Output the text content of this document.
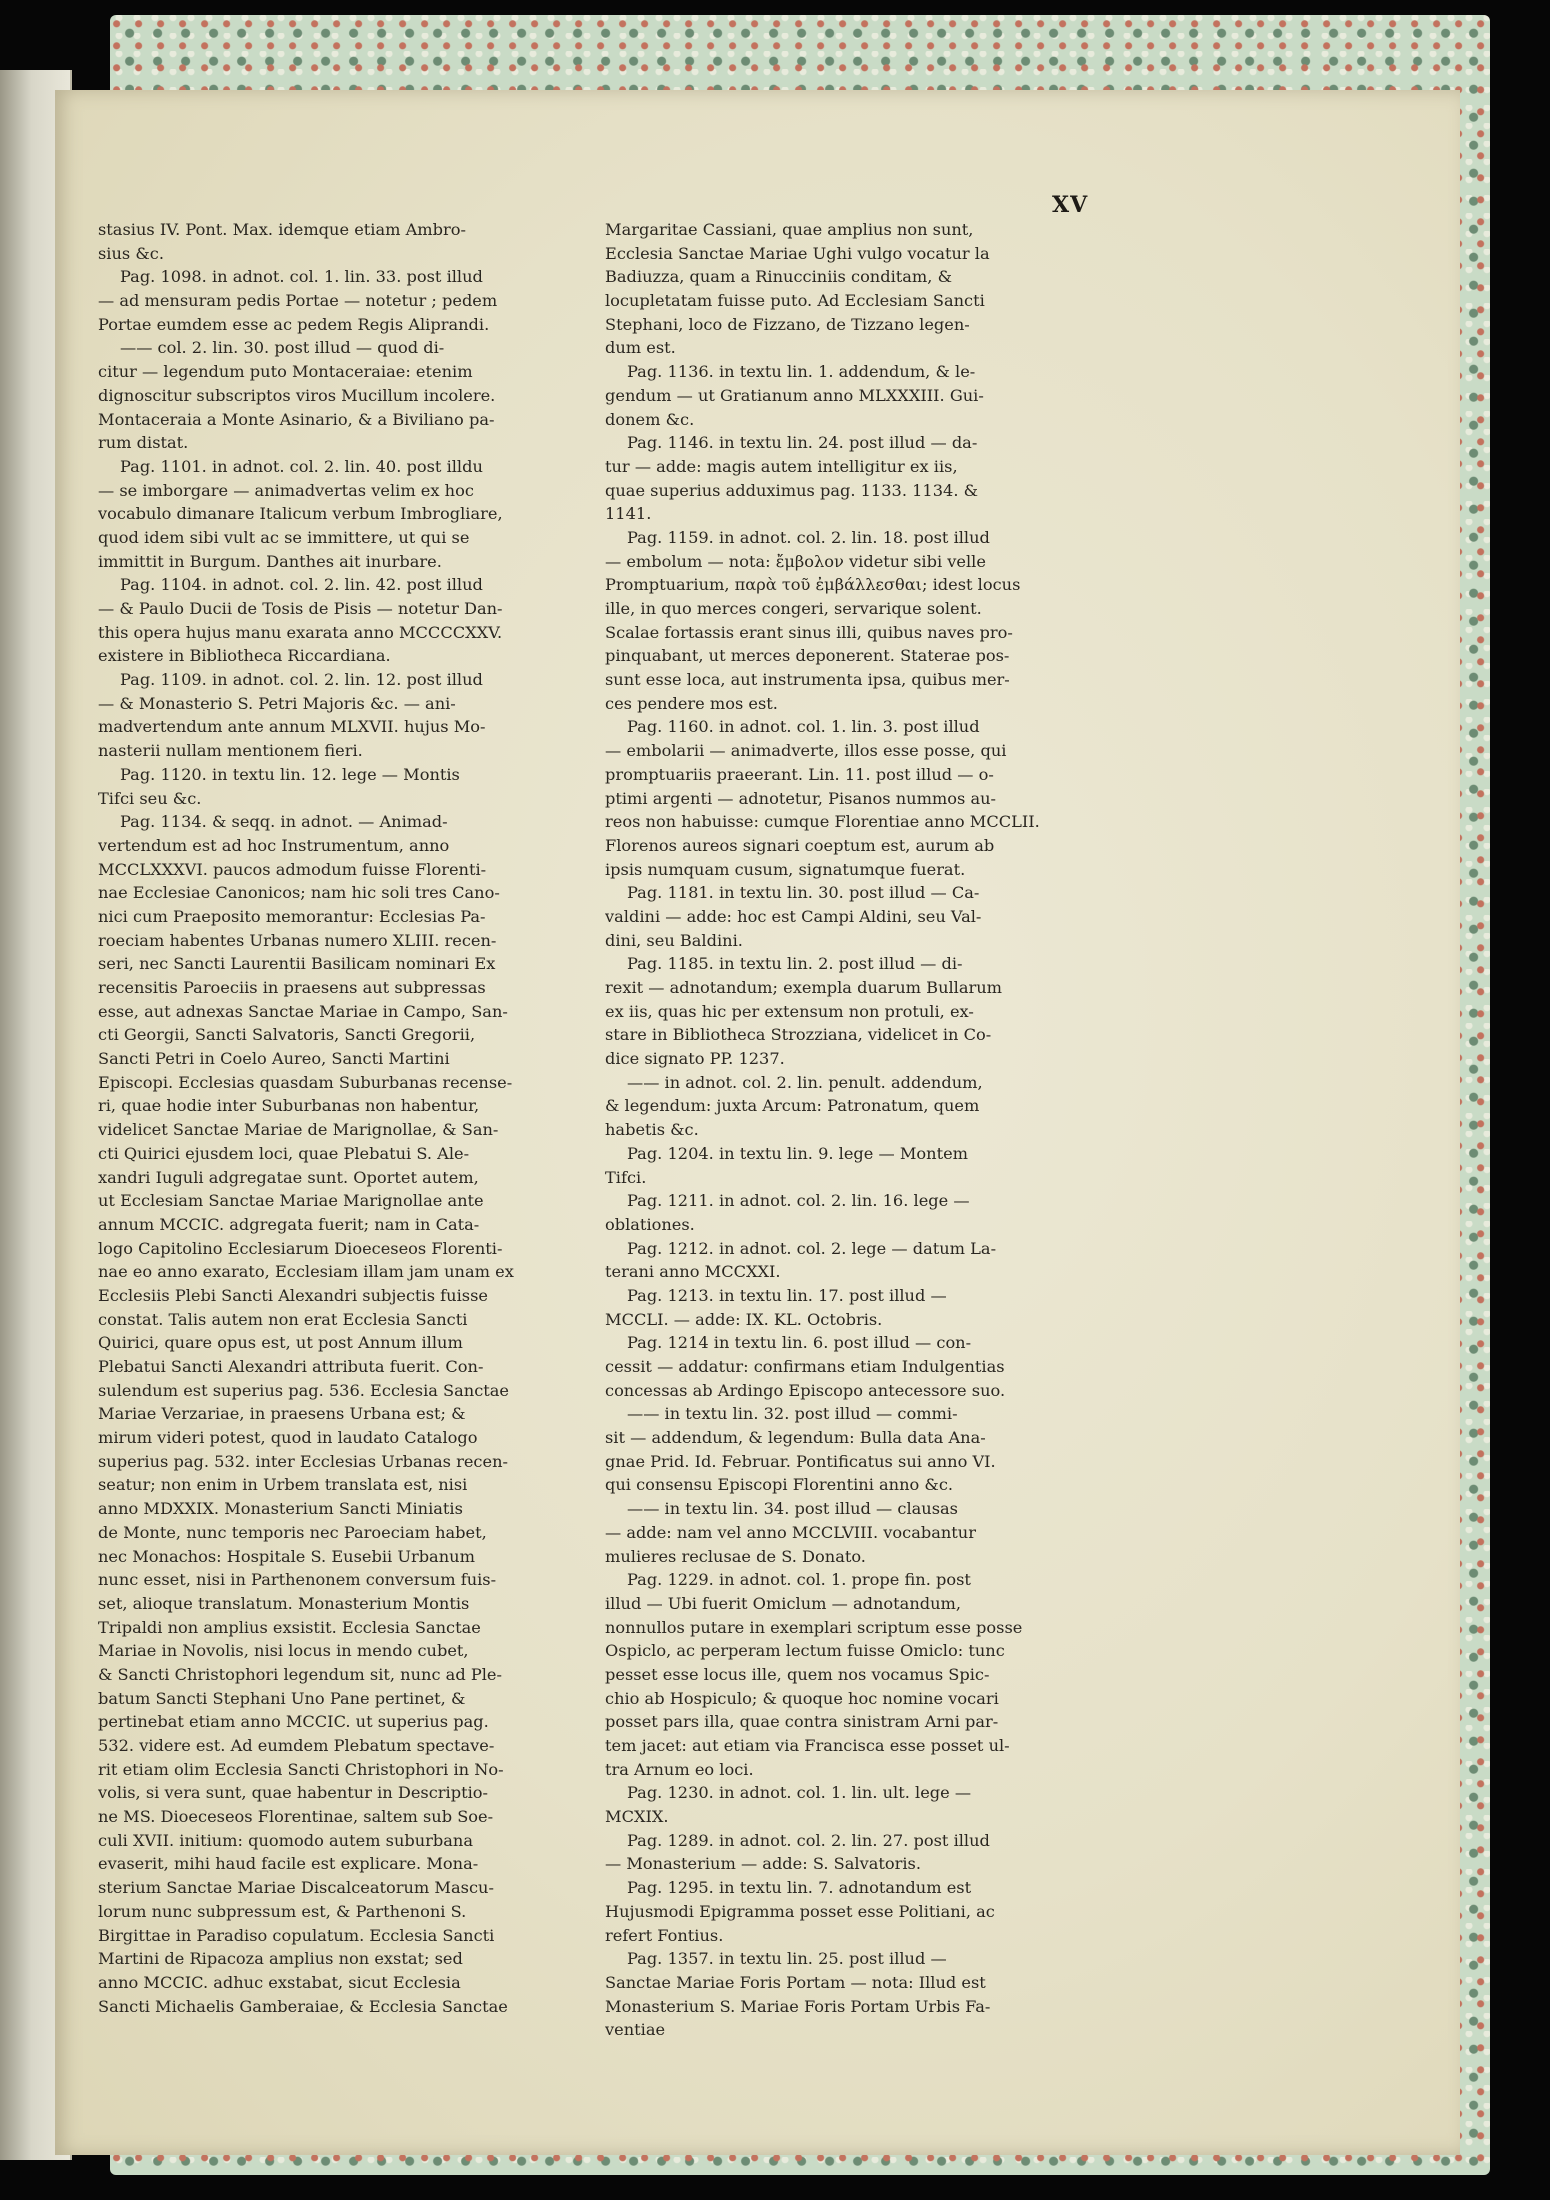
XV
stasius IV. Pont. Max. idemque etiam Ambro-
sius &c.
Pag. 1098. in adnot. col. 1. lin. 33. post illud
— ad mensuram pedis Portae — notetur ; pedem
Portae eumdem esse ac pedem Regis Aliprandi.
—— col. 2. lin. 30. post illud — quod di-
citur — legendum puto Montaceraiae: etenim
dignoscitur subscriptos viros Mucillum incolere.
Montaceraia a Monte Asinario, & a Biviliano pa-
rum distat.
Pag. 1101. in adnot. col. 2. lin. 40. post illdu
— se imborgare — animadvertas velim ex hoc
vocabulo dimanare Italicum verbum Imbrogliare,
quod idem sibi vult ac se immittere, ut qui se
immittit in Burgum. Danthes ait inurbare.
Pag. 1104. in adnot. col. 2. lin. 42. post illud
— & Paulo Ducii de Tosis de Pisis — notetur Dan-
this opera hujus manu exarata anno MCCCCXXV.
existere in Bibliotheca Riccardiana.
Pag. 1109. in adnot. col. 2. lin. 12. post illud
— & Monasterio S. Petri Majoris &c. — ani-
madvertendum ante annum MLXVII. hujus Mo-
nasterii nullam mentionem fieri.
Pag. 1120. in textu lin. 12. lege — Montis
Tifci seu &c.
Pag. 1134. & seqq. in adnot. — Animad-
vertendum est ad hoc Instrumentum, anno
MCCLXXXVI. paucos admodum fuisse Florenti-
nae Ecclesiae Canonicos; nam hic soli tres Cano-
nici cum Praeposito memorantur: Ecclesias Pa-
roeciam habentes Urbanas numero XLIII. recen-
seri, nec Sancti Laurentii Basilicam nominari Ex
recensitis Paroeciis in praesens aut subpressas
esse, aut adnexas Sanctae Mariae in Campo, San-
cti Georgii, Sancti Salvatoris, Sancti Gregorii,
Sancti Petri in Coelo Aureo, Sancti Martini
Episcopi. Ecclesias quasdam Suburbanas recense-
ri, quae hodie inter Suburbanas non habentur,
videlicet Sanctae Mariae de Marignollae, & San-
cti Quirici ejusdem loci, quae Plebatui S. Ale-
xandri Iuguli adgregatae sunt. Oportet autem,
ut Ecclesiam Sanctae Mariae Marignollae ante
annum MCCIC. adgregata fuerit; nam in Cata-
logo Capitolino Ecclesiarum Dioeceseos Florenti-
nae eo anno exarato, Ecclesiam illam jam unam ex
Ecclesiis Plebi Sancti Alexandri subjectis fuisse
constat. Talis autem non erat Ecclesia Sancti
Quirici, quare opus est, ut post Annum illum
Plebatui Sancti Alexandri attributa fuerit. Con-
sulendum est superius pag. 536. Ecclesia Sanctae
Mariae Verzariae, in praesens Urbana est; &
mirum videri potest, quod in laudato Catalogo
superius pag. 532. inter Ecclesias Urbanas recen-
seatur; non enim in Urbem translata est, nisi
anno MDXXIX. Monasterium Sancti Miniatis
de Monte, nunc temporis nec Paroeciam habet,
nec Monachos: Hospitale S. Eusebii Urbanum
nunc esset, nisi in Parthenonem conversum fuis-
set, alioque translatum. Monasterium Montis
Tripaldi non amplius exsistit. Ecclesia Sanctae
Mariae in Novolis, nisi locus in mendo cubet,
& Sancti Christophori legendum sit, nunc ad Ple-
batum Sancti Stephani Uno Pane pertinet, &
pertinebat etiam anno MCCIC. ut superius pag.
532. videre est. Ad eumdem Plebatum spectave-
rit etiam olim Ecclesia Sancti Christophori in No-
volis, si vera sunt, quae habentur in Descriptio-
ne MS. Dioeceseos Florentinae, saltem sub Soe-
culi XVII. initium: quomodo autem suburbana
evaserit, mihi haud facile est explicare. Mona-
sterium Sanctae Mariae Discalceatorum Mascu-
lorum nunc subpressum est, & Parthenoni S.
Birgittae in Paradiso copulatum. Ecclesia Sancti
Martini de Ripacoza amplius non exstat; sed
anno MCCIC. adhuc exstabat, sicut Ecclesia
Sancti Michaelis Gamberaiae, & Ecclesia Sanctae
Margaritae Cassiani, quae amplius non sunt,
Ecclesia Sanctae Mariae Ughi vulgo vocatur la
Badiuzza, quam a Rinucciniis conditam, &
locupletatam fuisse puto. Ad Ecclesiam Sancti
Stephani, loco de Fizzano, de Tizzano legen-
dum est.
Pag. 1136. in textu lin. 1. addendum, & le-
gendum — ut Gratianum anno MLXXXIII. Gui-
donem &c.
Pag. 1146. in textu lin. 24. post illud — da-
tur — adde: magis autem intelligitur ex iis,
quae superius adduximus pag. 1133. 1134. &
1141.
Pag. 1159. in adnot. col. 2. lin. 18. post illud
— embolum — nota: ἔμβολον videtur sibi velle
Promptuarium, παρὰ τοῦ ἐμβάλλεσθαι; idest locus
ille, in quo merces congeri, servarique solent.
Scalae fortassis erant sinus illi, quibus naves pro-
pinquabant, ut merces deponerent. Staterae pos-
sunt esse loca, aut instrumenta ipsa, quibus mer-
ces pendere mos est.
Pag. 1160. in adnot. col. 1. lin. 3. post illud
— embolarii — animadverte, illos esse posse, qui
promptuariis praeerant. Lin. 11. post illud — o-
ptimi argenti — adnotetur, Pisanos nummos au-
reos non habuisse: cumque Florentiae anno MCCLII.
Florenos aureos signari coeptum est, aurum ab
ipsis numquam cusum, signatumque fuerat.
Pag. 1181. in textu lin. 30. post illud — Ca-
valdini — adde: hoc est Campi Aldini, seu Val-
dini, seu Baldini.
Pag. 1185. in textu lin. 2. post illud — di-
rexit — adnotandum; exempla duarum Bullarum
ex iis, quas hic per extensum non protuli, ex-
stare in Bibliotheca Strozziana, videlicet in Co-
dice signato PP. 1237.
—— in adnot. col. 2. lin. penult. addendum,
& legendum: juxta Arcum: Patronatum, quem
habetis &c.
Pag. 1204. in textu lin. 9. lege — Montem
Tifci.
Pag. 1211. in adnot. col. 2. lin. 16. lege —
oblationes.
Pag. 1212. in adnot. col. 2. lege — datum La-
terani anno MCCXXI.
Pag. 1213. in textu lin. 17. post illud —
MCCLI. — adde: IX. KL. Octobris.
Pag. 1214 in textu lin. 6. post illud — con-
cessit — addatur: confirmans etiam Indulgentias
concessas ab Ardingo Episcopo antecessore suo.
—— in textu lin. 32. post illud — commi-
sit — addendum, & legendum: Bulla data Ana-
gnae Prid. Id. Februar. Pontificatus sui anno VI.
qui consensu Episcopi Florentini anno &c.
—— in textu lin. 34. post illud — clausas
— adde: nam vel anno MCCLVIII. vocabantur
mulieres reclusae de S. Donato.
Pag. 1229. in adnot. col. 1. prope fin. post
illud — Ubi fuerit Omiclum — adnotandum,
nonnullos putare in exemplari scriptum esse posse
Ospiclo, ac perperam lectum fuisse Omiclo: tunc
pesset esse locus ille, quem nos vocamus Spic-
chio ab Hospiculo; & quoque hoc nomine vocari
posset pars illa, quae contra sinistram Arni par-
tem jacet: aut etiam via Francisca esse posset ul-
tra Arnum eo loci.
Pag. 1230. in adnot. col. 1. lin. ult. lege —
MCXIX.
Pag. 1289. in adnot. col. 2. lin. 27. post illud
— Monasterium — adde: S. Salvatoris.
Pag. 1295. in textu lin. 7. adnotandum est
Hujusmodi Epigramma posset esse Politiani, ac
refert Fontius.
Pag. 1357. in textu lin. 25. post illud —
Sanctae Mariae Foris Portam — nota: Illud est
Monasterium S. Mariae Foris Portam Urbis Fa-
ventiae
